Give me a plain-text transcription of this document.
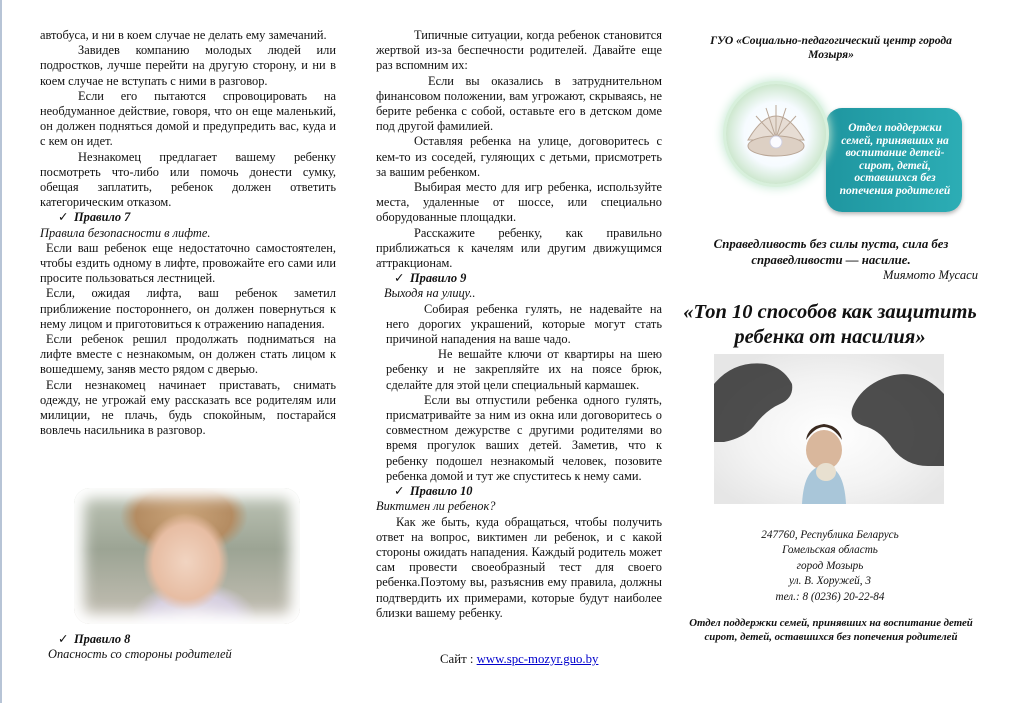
автобуса, и ни в коем случае не делать ему замечаний.

Завидев компанию молодых людей или подростков, лучше перейти на другую сторону, и ни в коем случае не вступать с ними в разговор.

Если его пытаются спровоцировать на необдуманное действие, говоря, что он еще маленький, он должен подняться домой и предупредить вас, куда и с кем он идет.

Незнакомец предлагает вашему ребенку посмотреть что-либо или помочь донести сумку, обещая заплатить, ребенок должен ответить категорическим отказом.

✓ Правило 7

Правила безопасности в лифте.

Если ваш ребенок еще недостаточно самостоятелен, чтобы ездить одному в лифте, провожайте его сами или просите пользоваться лестницей.

Если, ожидая лифта, ваш ребенок заметил приближение постороннего, он должен повернуться к нему лицом и приготовиться к отражению нападения.

Если ребенок решил продолжать подниматься на лифте вместе с незнакомым, он должен стать лицом к вошедшему, заняв место рядом с дверью.

Если незнакомец начинает приставать, снимать одежду, не угрожай ему рассказать все родителям или милиции, не плачь, будь спокойным, постарайся вовлечь насильника в разговор.

✓ Правило 8

Опасность со стороны родителей

Типичные ситуации, когда ребенок становится жертвой из-за беспечности родителей. Давайте еще раз вспомним их:

Если вы оказались в затруднительном финансовом положении, вам угрожают, скрываясь, не берите ребенка с собой, оставьте его в детском доме под другой фамилией.

Оставляя ребенка на улице, договоритесь с кем-то из соседей, гуляющих с детьми, присмотреть за вашим ребенком.

Выбирая место для игр ребенка, используйте места, удаленные от шоссе, или специально оборудованные площадки.

Расскажите ребенку, как правильно приближаться к качелям или другим движущимся аттракционам.

✓ Правило 9

Выходя на улицу..

Собирая ребенка гулять, не надевайте на него дорогих украшений, которые могут стать причиной нападения на ваше чадо.

Не вешайте ключи от квартиры на шею ребенку и не закрепляйте их на поясе брюк, сделайте для этой цели специальный кармашек.

Если вы отпустили ребенка одного гулять, присматривайте за ним из окна или договоритесь о совместном дежурстве с другими родителями во время прогулок ваших детей. Заметив, что к ребенку подошел незнакомый человек, позовите ребенка домой и тут же спуститесь к нему сами.

✓ Правило 10

Виктимен ли ребенок?

Как же быть, куда обращаться, чтобы получить ответ на вопрос, виктимен ли ребенок, и с какой стороны ожидать нападения. Каждый родитель может сам провести своеобразный тест для своего ребенка.Поэтому вы, разъяснив ему правила, должны подтвердить их примерами, которые будут наиболее близки вашему ребенку.

Сайт : www.spc-mozyr.guo.by
ГУО «Социально-педагогический центр города Мозыря»
Отдел поддержки семей, принявших на воспитание детей-сирот, детей, оставшихся без попечения родителей
Справедливость без силы пуста, сила без справедливости — насилие.
Миямото Мусаси
«Топ 10 способов как защитить ребенка от насилия»
247760, Республика Беларусь
Гомельская область
город Мозырь
ул. В. Хоружей, 3
тел.: 8 (0236) 20-22-84
Отдел поддержки семей, принявших на воспитание детей сирот, детей, оставшихся без попечения родителей
